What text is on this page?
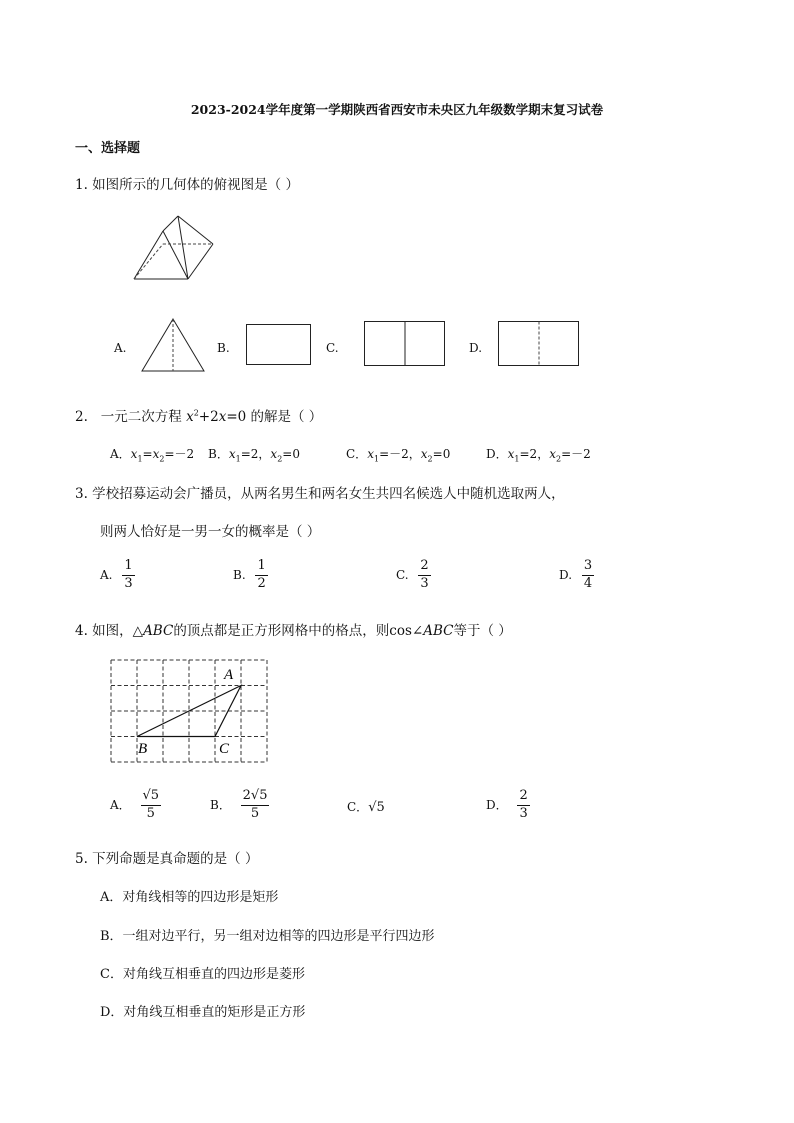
2023-2024学年度第一学期陕西省西安市未央区九年级数学期末复习试卷
一、选择题
1. 如图所示的几何体的俯视图是（ ）
A.	B.	C.	D.
2. 一元二次方程 $x^2+2x=0$ 的解是（ ）
A．$x_1=x_2=-2$ B．$x_1=2$，$x_2=0$	C．$x_1=-2$，$x_2=0$	D．$x_1=2$，$x_2=-2$
3. 学校招募运动会广播员，从两名男生和两名女生共四名候选人中随机选取两人，
则两人恰好是一男一女的概率是（ ）
A. $\frac{1}{3}$	B. $\frac{1}{2}$	C. $\frac{2}{3}$	D. $\frac{3}{4}$
4. 如图，△ABC的顶点都是正方形网格中的格点，则cos∠ABC等于（ ）
A
B	C
A． $\frac{√5}{5}$	B． $\frac{2√5}{5}$	C．√5	D． $\frac{2}{3}$
5. 下列命题是真命题的是（ ）
A．对角线相等的四边形是矩形
B．一组对边平行，另一组对边相等的四边形是平行四边形
C．对角线互相垂直的四边形是菱形
D．对角线互相垂直的矩形是正方形
